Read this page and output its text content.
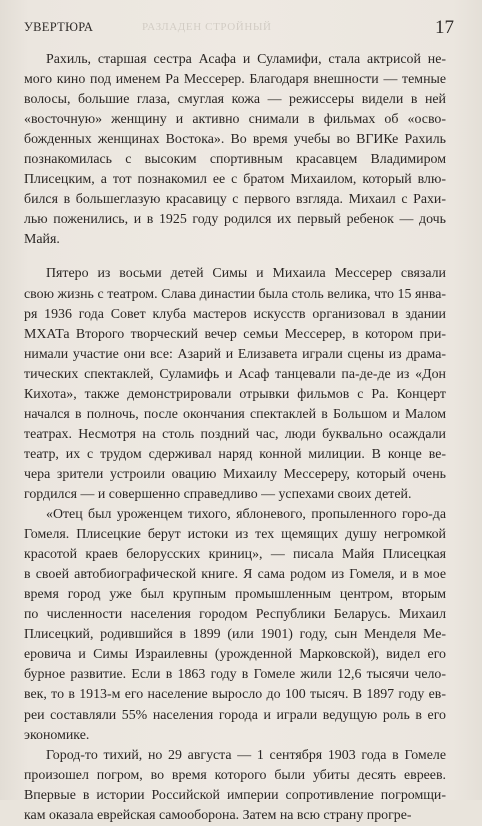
УВЕРТЮРА	РАЗЛАДЕН СТРОЙНЫЙ	17
Рахиль, старшая сестра Асафа и Суламифи, стала актрисой не-
мого кино под именем Ра Мессерер. Благодаря внешности — темные
волосы, большие глаза, смуглая кожа — режиссеры видели в ней
«восточную» женщину и активно снимали в фильмах об «осво-
божденных женщинах Востока». Во время учебы во ВГИКе Рахиль
познакомилась с высоким спортивным красавцем Владимиром
Плисецким, а тот познакомил ее с братом Михаилом, который влю-
бился в большеглазую красавицу с первого взгляда. Михаил с Рахи-
лью поженились, и в 1925 году родился их первый ребенок — дочь
Майя.
Пятеро из восьми детей Симы и Михаила Мессерер связали
свою жизнь с театром. Слава династии была столь велика, что 15 янва-
ря 1936 года Совет клуба мастеров искусств организовал в здании
МХАТа Второго творческий вечер семьи Мессерер, в котором при-
нимали участие они все: Азарий и Елизавета играли сцены из драма-
тических спектаклей, Суламифь и Асаф танцевали па-де-де из «Дон
Кихота», также демонстрировали отрывки фильмов с Ра. Концерт
начался в полночь, после окончания спектаклей в Большом и Малом
театрах. Несмотря на столь поздний час, люди буквально осаждали
театр, их с трудом сдерживал наряд конной милиции. В конце ве-
чера зрители устроили овацию Михаилу Мессереру, который очень
гордился — и совершенно справедливо — успехами своих детей.
«Отец был уроженцем тихого, яблоневого, пропыленного горо-да
Гомеля. Плисецкие берут истоки из тех щемящих душу негромкой
красотой краев белорусских криниц», — писала Майя Плисецкая
в своей автобиографической книге. Я сама родом из Гомеля, и в мое
время город уже был крупным промышленным центром, вторым
по численности населения городом Республики Беларусь. Михаил
Плисецкий, родившийся в 1899 (или 1901) году, сын Менделя Ме-
еровича и Симы Израилевны (урожденной Марковской), видел его
бурное развитие. Если в 1863 году в Гомеле жили 12,6 тысячи чело-
век, то в 1913-м его население выросло до 100 тысяч. В 1897 году ев-
реи составляли 55% населения города и играли ведущую роль в его
экономике.
Город-то тихий, но 29 августа — 1 сентября 1903 года в Гомеле
произошел погром, во время которого были убиты десять евреев.
Впервые в истории Российской империи сопротивление погромщи-
кам оказала еврейская самооборона. Затем на всю страну прогре-
